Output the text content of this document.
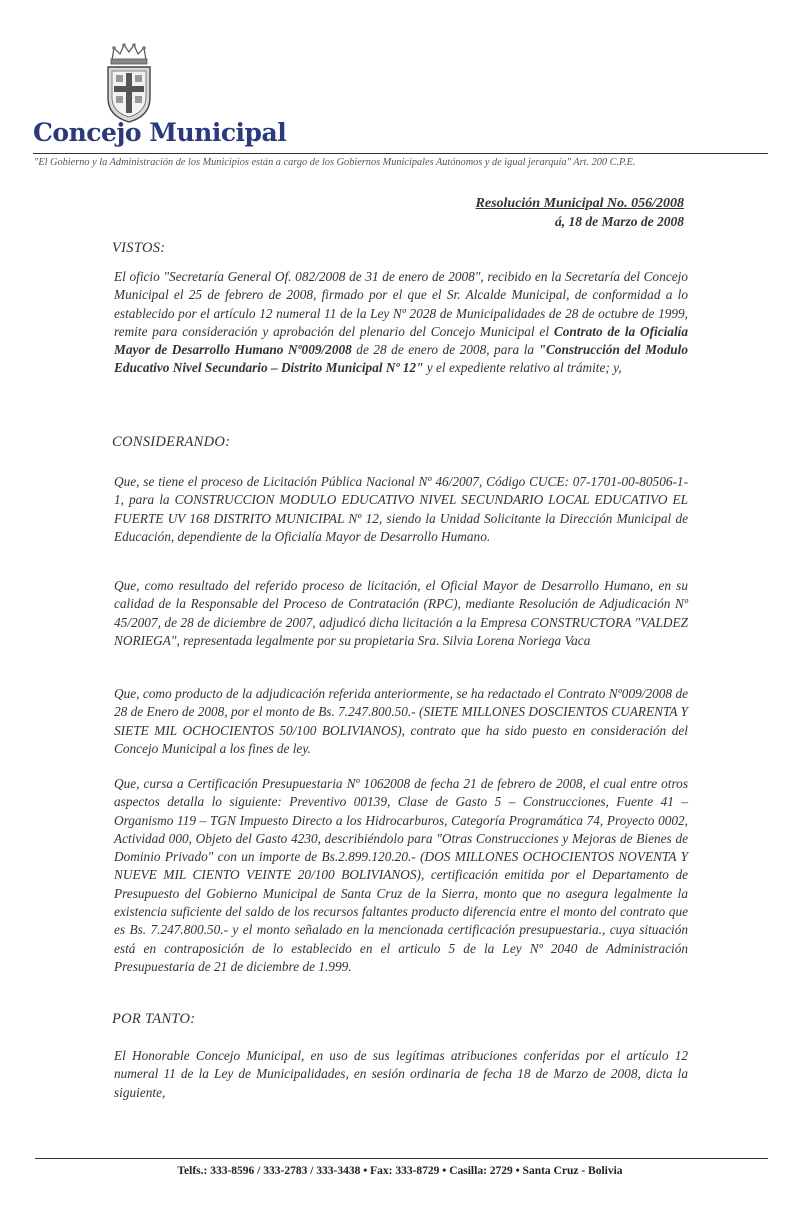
Concejo Municipal
"El Gobierno y la Administración de los Municipios están a cargo de los Gobiernos Municipales Autónomos y de igual jerarquía" Art. 200 C.P.E.
Resolución Municipal No. 056/2008
á, 18 de Marzo de 2008
VISTOS:

El oficio "Secretaría General Of. 082/2008 de 31 de enero de 2008", recibido en la Secretaría del Concejo Municipal el 25 de febrero de 2008, firmado por el que el Sr. Alcalde Municipal, de conformidad a lo establecido por el artículo 12 numeral 11 de la Ley Nº 2028 de Municipalidades de 28 de octubre de 1999, remite para consideración y aprobación del plenario del Concejo Municipal el Contrato de la Oficialía Mayor de Desarrollo Humano Nº009/2008 de 28 de enero de 2008, para la "Construcción del Modulo Educativo Nivel Secundario – Distrito Municipal Nº 12" y el expediente relativo al trámite; y,

CONSIDERANDO:

Que, se tiene el proceso de Licitación Pública Nacional Nº 46/2007, Código CUCE: 07-1701-00-80506-1-1, para la CONSTRUCCION MODULO EDUCATIVO NIVEL SECUNDARIO LOCAL EDUCATIVO EL FUERTE UV 168 DISTRITO MUNICIPAL Nº 12, siendo la Unidad Solicitante la Dirección Municipal de Educación, dependiente de la Oficialía Mayor de Desarrollo Humano.

Que, como resultado del referido proceso de licitación, el Oficial Mayor de Desarrollo Humano, en su calidad de la Responsable del Proceso de Contratación (RPC), mediante Resolución de Adjudicación Nº 45/2007, de 28 de diciembre de 2007, adjudicó dicha licitación a la Empresa CONSTRUCTORA "VALDEZ NORIEGA", representada legalmente por su propietaria Sra. Silvia Lorena Noriega Vaca

Que, como producto de la adjudicación referida anteriormente, se ha redactado el Contrato Nº009/2008 de 28 de Enero de 2008, por el monto de Bs. 7.247.800.50.- (SIETE MILLONES DOSCIENTOS CUARENTA Y SIETE MIL OCHOCIENTOS 50/100 BOLIVIANOS), contrato que ha sido puesto en consideración del Concejo Municipal a los fines de ley.

Que, cursa a Certificación Presupuestaria Nº 1062008 de fecha 21 de febrero de 2008, el cual entre otros aspectos detalla lo siguiente: Preventivo 00139, Clase de Gasto 5 – Construcciones, Fuente 41 – Organismo 119 – TGN Impuesto Directo a los Hidrocarburos, Categoría Programática 74, Proyecto 0002, Actividad 000, Objeto del Gasto 4230, describiéndolo para "Otras Construcciones y Mejoras de Bienes de Dominio Privado" con un importe de Bs.2.899.120.20.- (DOS MILLONES OCHOCIENTOS NOVENTA Y NUEVE MIL CIENTO VEINTE 20/100 BOLIVIANOS), certificación emitida por el Departamento de Presupuesto del Gobierno Municipal de Santa Cruz de la Sierra, monto que no asegura legalmente la existencia suficiente del saldo de los recursos faltantes producto diferencia entre el monto del contrato que es Bs. 7.247.800.50.- y el monto señalado en la mencionada certificación presupuestaria., cuya situación está en contraposición de lo establecido en el articulo 5 de la Ley Nº 2040 de Administración Presupuestaria de 21 de diciembre de 1.999.

POR TANTO:

El Honorable Concejo Municipal, en uso de sus legítimas atribuciones conferidas por el artículo 12 numeral 11 de la Ley de Municipalidades, en sesión ordinaria de fecha 18 de Marzo de 2008, dicta la siguiente,

Telfs.: 333-8596 / 333-2783 / 333-3438 • Fax: 333-8729 • Casilla: 2729 • Santa Cruz - Bolivia
